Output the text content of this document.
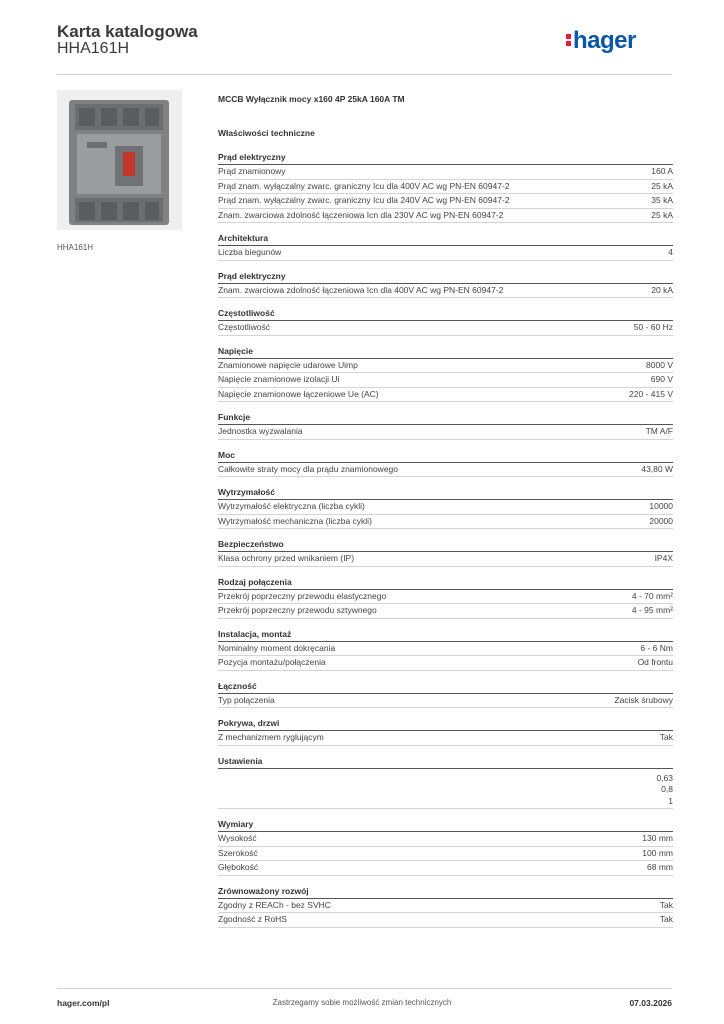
Karta katalogowa
HHA161H	hager
HHA161H
MCCB Wyłącznik mocy x160 4P 25kA 160A TM
Właściwości techniczne
Prąd elektryczny
Prąd znamionowy	160 A
Prąd znam. wyłączalny zwarc. graniczny Icu dla 400V AC wg PN-EN 60947-2	25 kA
Prąd znam. wyłączalny zwarc. graniczny Icu dla 240V AC wg PN-EN 60947-2	35 kA
Znam. zwarciowa zdolność łączeniowa Icn dla 230V AC wg PN-EN 60947-2	25 kA
Architektura
Liczba biegunów	4
Prąd elektryczny
Znam. zwarciowa zdolność łączeniowa Icn dla 400V AC wg PN-EN 60947-2	20 kA
Częstotliwość
Częstotliwość	50 - 60 Hz
Napięcie
Znamionowe napięcie udarowe Uimp	8000 V
Napięcie znamionowe izolacji Ui	690 V
Napięcie znamionowe łączeniowe Ue (AC)	220 - 415 V
Funkcje
Jednostka wyzwalania	TM A/F
Moc
Całkowite straty mocy dla prądu znamionowego	43,80 W
Wytrzymałość
Wytrzymałość elektryczna (liczba cykli)	10000
Wytrzymałość mechaniczna (liczba cykli)	20000
Bezpieczeństwo
Klasa ochrony przed wnikaniem (IP)	IP4X
Rodzaj połączenia
Przekrój poprzeczny przewodu elastycznego	4 - 70 mm²
Przekrój poprzeczny przewodu sztywnego	4 - 95 mm²
Instalacja, montaż
Nominalny moment dokręcania	6 - 6 Nm
Pozycja montażu/połączenia	Od frontu
Łączność
Typ połączenia	Zacisk śrubowy
Pokrywa, drzwi
Z mechanizmem ryglującym	Tak
Ustawienia
0,63
0,8
1
Wymiary
Wysokość	130 mm
Szerokość	100 mm
Głębokość	68 mm
Zrównoważony rozwój
Zgodny z REACh - bez SVHC	Tak
Zgodność z RoHS	Tak
hager.com/pl	Zastrzegamy sobie możliwość zmian technicznych	07.03.2026
